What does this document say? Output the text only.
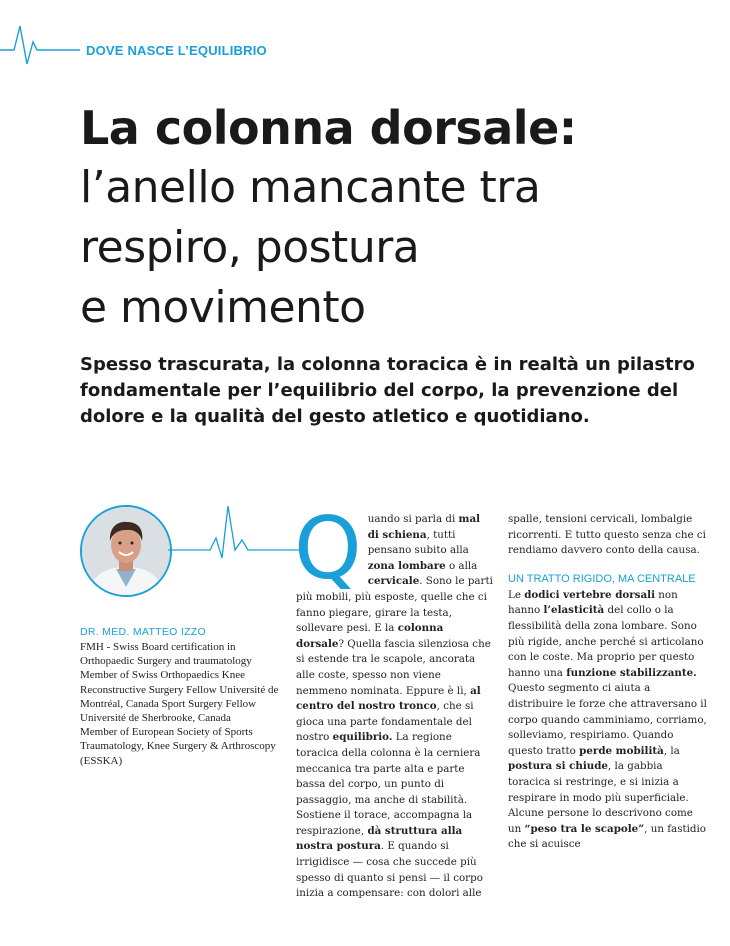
DOVE NASCE L’EQUILIBRIO
La colonna dorsale:
l’anello mancante tra
respiro, postura
e movimento
Spesso trascurata, la colonna toracica è in realtà un pilastro fondamentale per l’equilibrio del corpo, la prevenzione del dolore e la qualità del gesto atletico e quotidiano.
DR. MED. MATTEO IZZO
FMH - Swiss Board certification in Orthopaedic Surgery and traumatology
Member of Swiss Orthopaedics Knee Reconstructive Surgery Fellow Université de Montréal, Canada Sport Surgery Fellow Université de Sherbrooke, Canada
Member of European Society of Sports Traumatology, Knee Surgery & Arthroscopy (ESSKA)
Q uando si parla di mal di schiena, tutti pensano subito alla zona lombare o alla cervicale. Sono le parti più mobili, più esposte, quelle che ci fanno piegare, girare la testa, sollevare pesi. E la colonna dorsale? Quella fascia silenziosa che si estende tra le scapole, ancorata alle coste, spesso non viene nemmeno nominata. Eppure è lì, al centro del nostro tronco, che si gioca una parte fondamentale del nostro equilibrio. La regione toracica della colonna è la cerniera meccanica tra parte alta e parte bassa del corpo, un punto di passaggio, ma anche di stabilità. Sostiene il torace, accompagna la respirazione, dà struttura alla nostra postura. E quando si irrigidisce — cosa che succede più spesso di quanto si pensi — il corpo inizia a compensare: con dolori alle

spalle, tensioni cervicali, lombalgie ricorrenti. E tutto questo senza che ci rendiamo davvero conto della causa.

UN TRATTO RIGIDO, MA CENTRALE

Le dodici vertebre dorsali non hanno l’elasticità del collo o la flessibilità della zona lombare. Sono più rigide, anche perché si articolano con le coste. Ma proprio per questo hanno una funzione stabilizzante. Questo segmento ci aiuta a distribuire le forze che attraversano il corpo quando camminiamo, corriamo, solleviamo, respiriamo. Quando questo tratto perde mobilità, la postura si chiude, la gabbia toracica si restringe, e si inizia a respirare in modo più superficiale. Alcune persone lo descrivono come un “peso tra le scapole”, un fastidio che si acuisce
